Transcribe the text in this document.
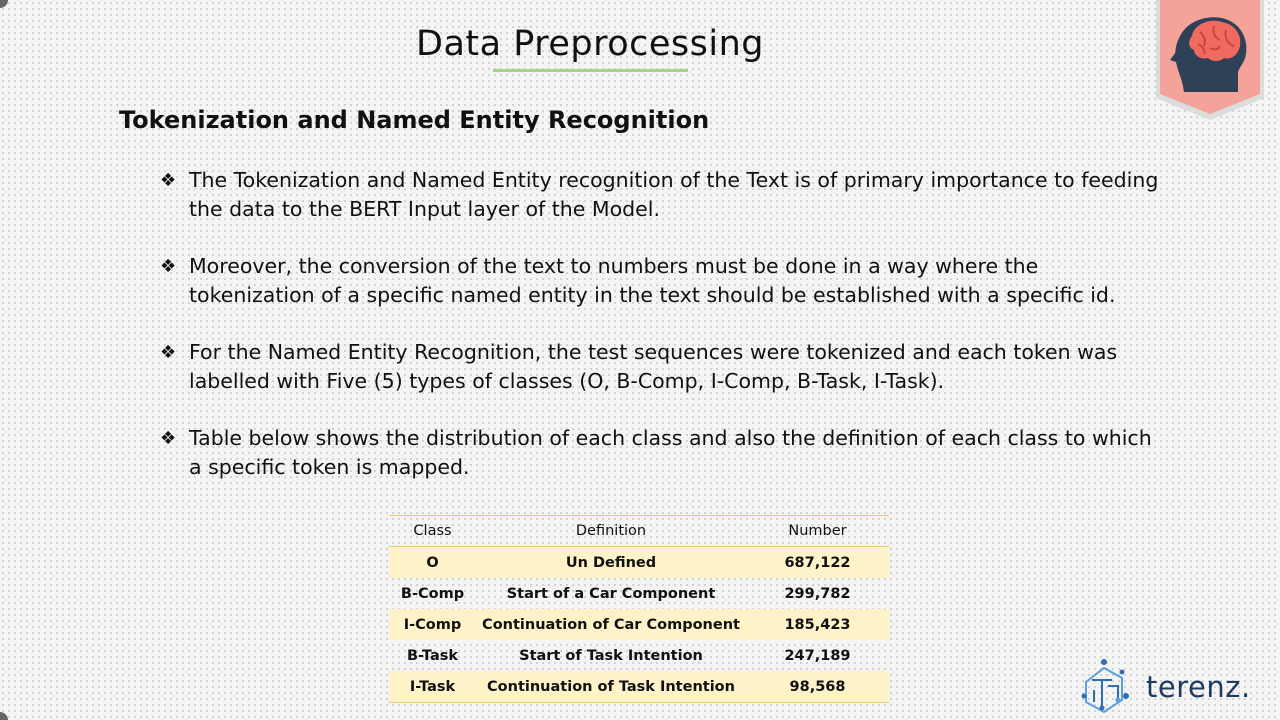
Data Preprocessing
Tokenization and Named Entity Recognition
❖ The Tokenization and Named Entity recognition of the Text is of primary importance to feeding the data to the BERT Input layer of the Model.
❖ Moreover, the conversion of the text to numbers must be done in a way where the tokenization of a specific named entity in the text should be established with a specific id.
❖ For the Named Entity Recognition, the test sequences were tokenized and each token was labelled with Five (5) types of classes (O, B-Comp, I-Comp, B-Task, I-Task).
❖ Table below shows the distribution of each class and also the definition of each class to which a specific token is mapped.
Class	Definition	Number
O	Un Defined	687,122
B-Comp	Start of a Car Component	299,782
I-Comp	Continuation of Car Component	185,423
B-Task	Start of Task Intention	247,189
I-Task	Continuation of Task Intention	98,568	terenz.
